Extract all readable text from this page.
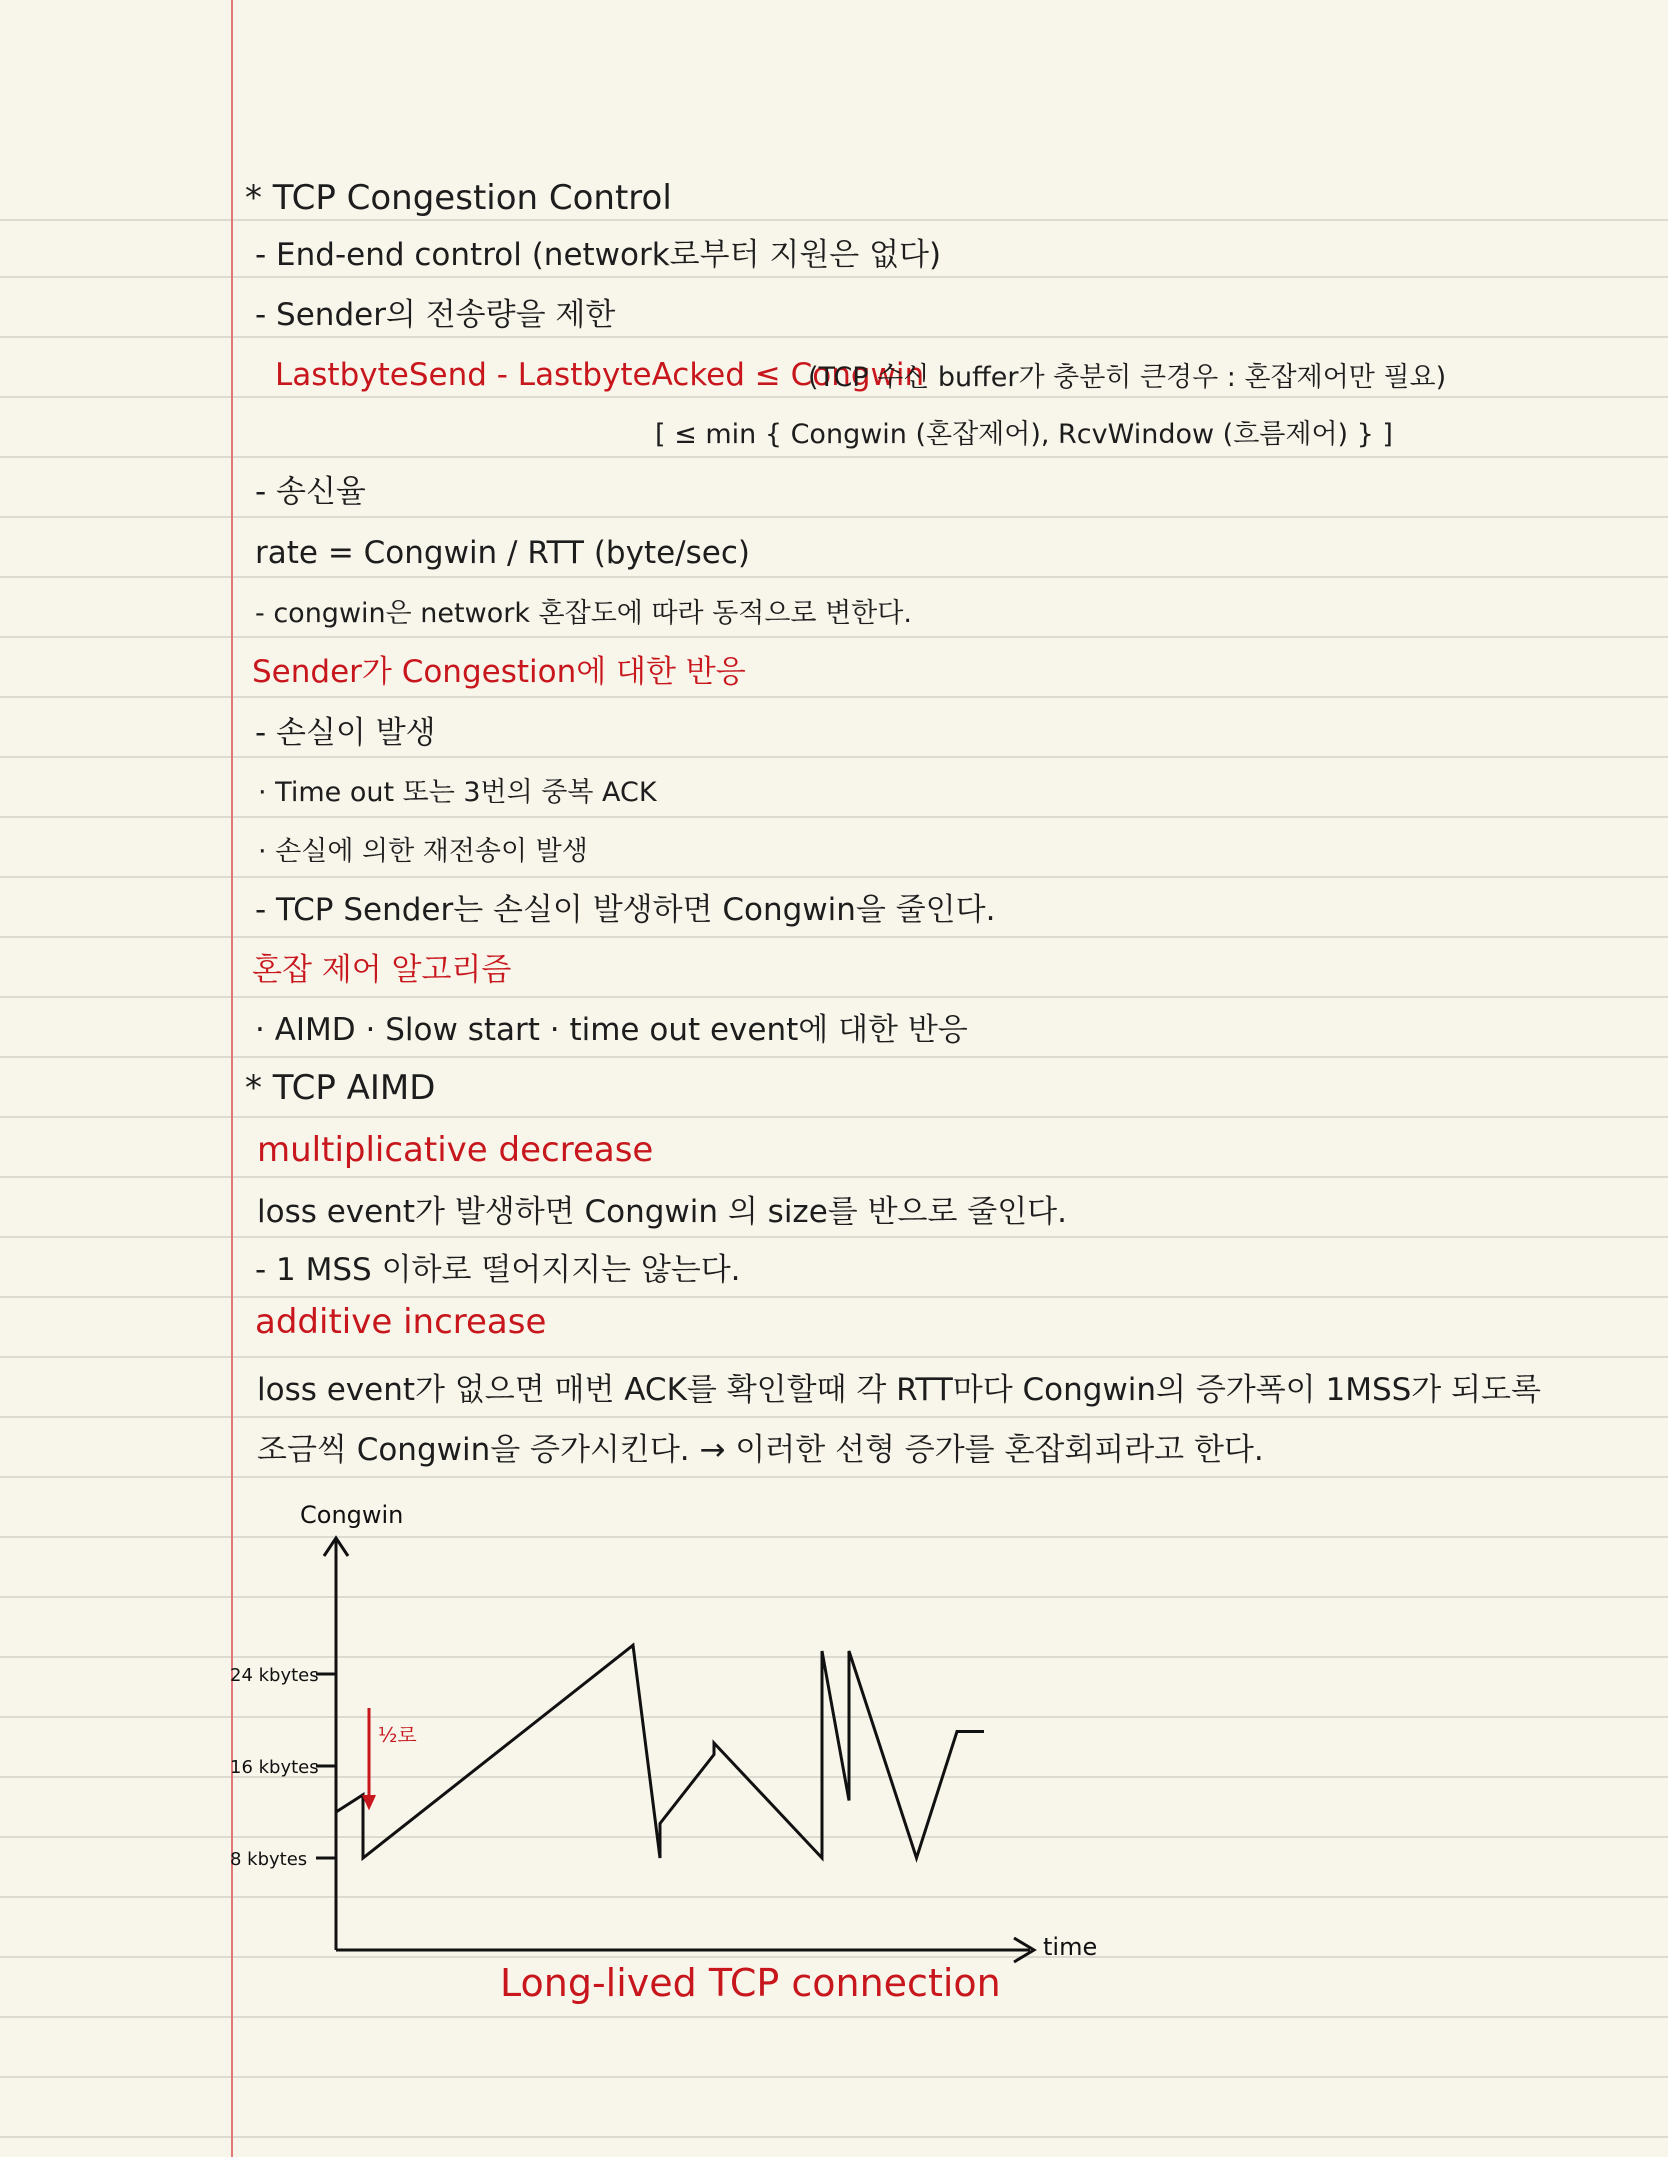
* TCP Congestion Control
- End-end control (network로부터 지원은 없다)
- Sender의 전송량을 제한
LastbyteSend - LastbyteAcked ≤ Congwin
(TCP 수신 buffer가 충분히 큰경우 : 혼잡제어만 필요)
[ ≤ min { Congwin (혼잡제어), RcvWindow (흐름제어) } ]
- 송신율
rate = Congwin / RTT (byte/sec)
- congwin은 network 혼잡도에 따라 동적으로 변한다.
Sender가 Congestion에 대한 반응
- 손실이 발생
· Time out 또는 3번의 중복 ACK
· 손실에 의한 재전송이 발생
- TCP Sender는 손실이 발생하면 Congwin을 줄인다.
혼잡 제어 알고리즘
· AIMD · Slow start · time out event에 대한 반응
* TCP AIMD
multiplicative decrease
loss event가 발생하면 Congwin 의 size를 반으로 줄인다.
- 1 MSS 이하로 떨어지지는 않는다.
additive increase
loss event가 없으면 매번 ACK를 확인할때 각 RTT마다 Congwin의 증가폭이 1MSS가 되도록
조금씩 Congwin을 증가시킨다. → 이러한 선형 증가를 혼잡회피라고 한다.
Congwin
time
24 kbytes
16 kbytes
8 kbytes
½로
Long-lived TCP connection
